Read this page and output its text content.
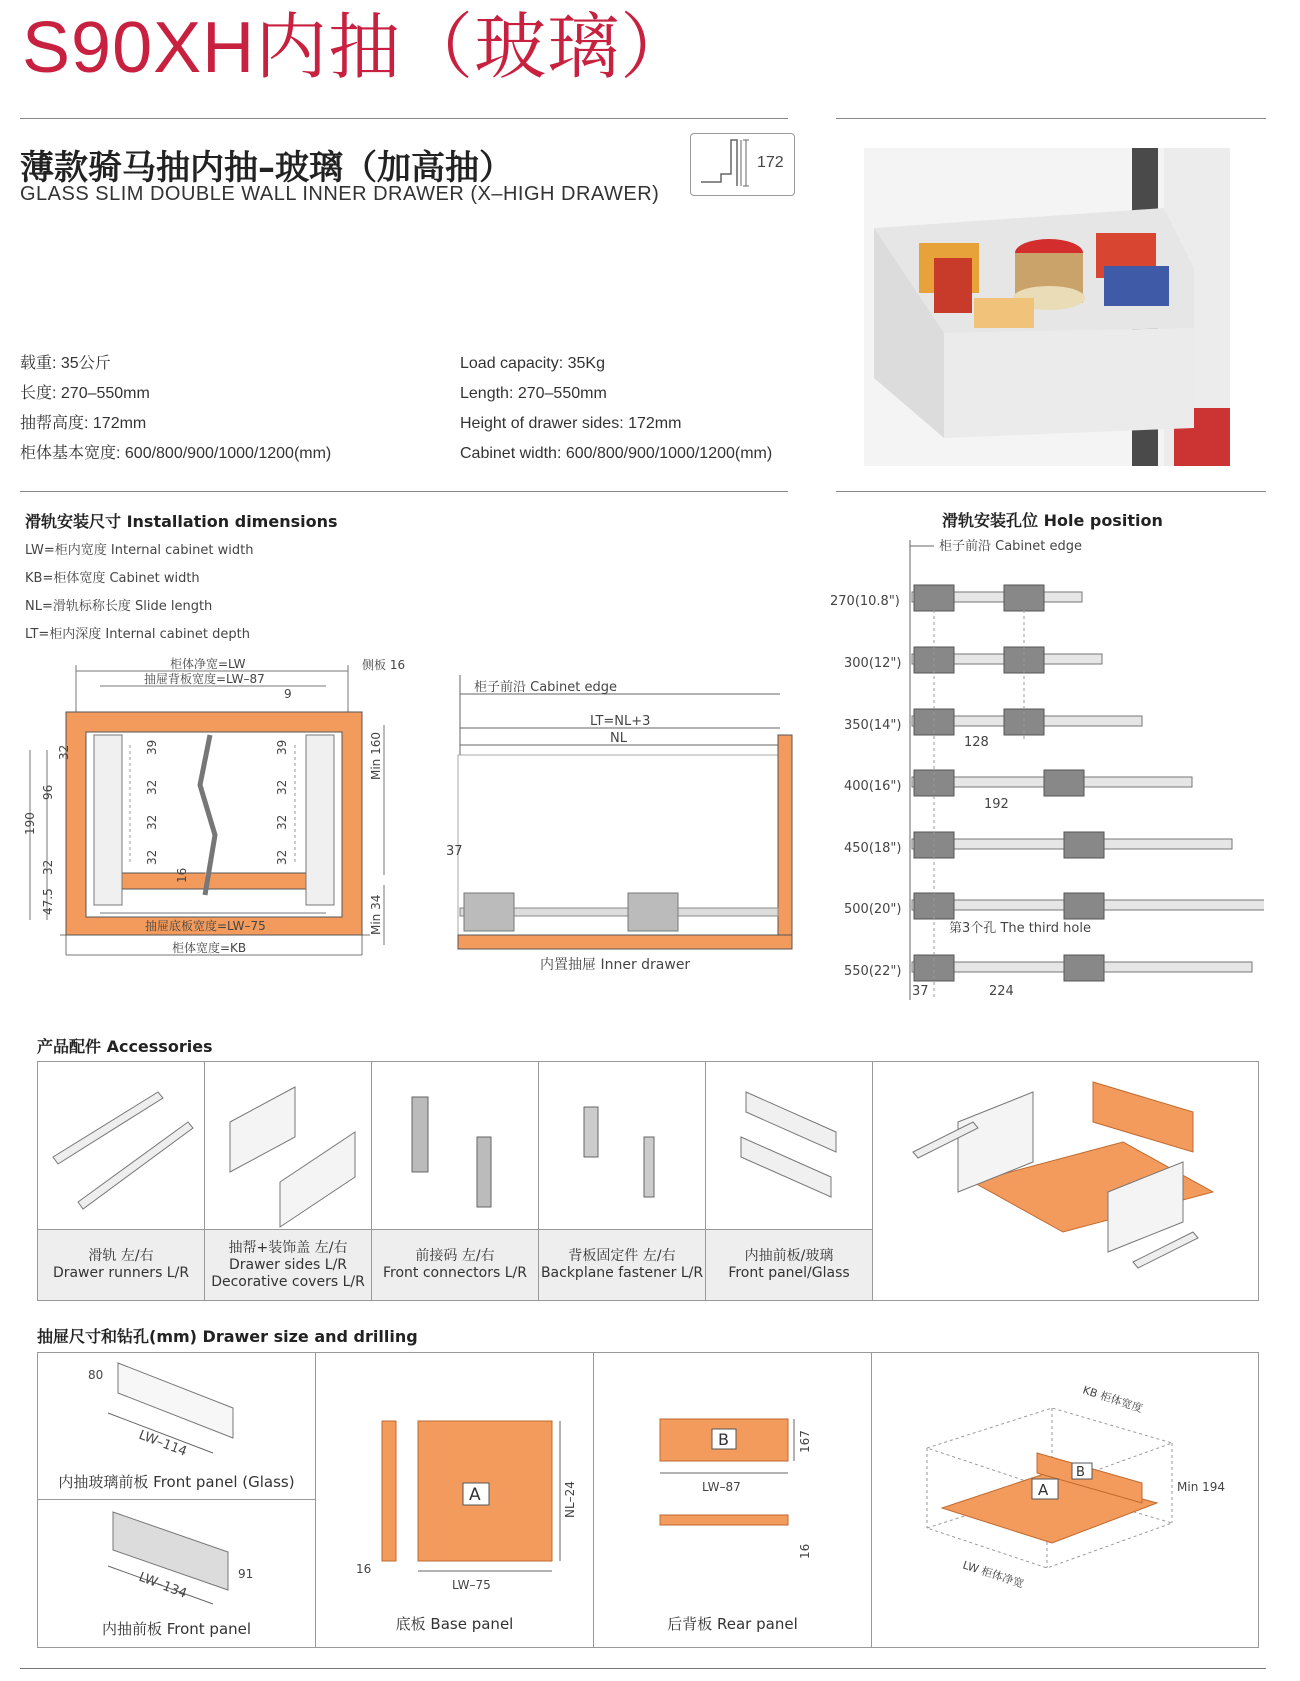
S90XH内抽（玻璃）
薄款骑马抽内抽–玻璃（加高抽）
GLASS SLIM DOUBLE WALL INNER DRAWER (X–HIGH DRAWER)
172
载重: 35公斤
长度: 270–550mm
抽帮高度: 172mm
柜体基本宽度: 600/800/900/1000/1200(mm)
Load capacity: 35Kg
Length: 270–550mm
Height of drawer sides: 172mm
Cabinet width: 600/800/900/1000/1200(mm)
滑轨安装尺寸 Installation dimensions
LW=柜内宽度 Internal cabinet width
KB=柜体宽度 Cabinet width
NL=滑轨标称长度 Slide length
LT=柜内深度 Internal cabinet depth
柜体净宽=LW
抽屉背板宽度=LW–87
侧板 16
9
抽屉底板宽度=LW–75
柜体宽度=KB
Min 160
Min 34
190
96
32
32
47.5
39
32
32
32
39
32
32
32
16
柜子前沿 Cabinet edge
LT=NL+3
NL
37
内置抽屉 Inner drawer
滑轨安装孔位 Hole position
柜子前沿 Cabinet edge
270(10.8")
300(12")
350(14")
400(16")
450(18")
500(20")
550(22")
128
192
第3个孔 The third hole
37	224
产品配件 Accessories
滑轨 左/右
Drawer runners L/R
抽帮+装饰盖 左/右
Drawer sides L/R
Decorative covers L/R
前接码 左/右
Front connectors L/R
背板固定件 左/右
Backplane fastener L/R
内抽前板/玻璃
Front panel/Glass
抽屉尺寸和钻孔(mm) Drawer size and drilling
80
LW–114
内抽玻璃前板 Front panel (Glass)
91
LW–134
内抽前板 Front panel
A
LW–75
NL–24
16
底板 Base panel
B
LW–87
167
16
后背板 Rear panel
A
B
KB 柜体宽度
LW 柜体净宽
Min 194
